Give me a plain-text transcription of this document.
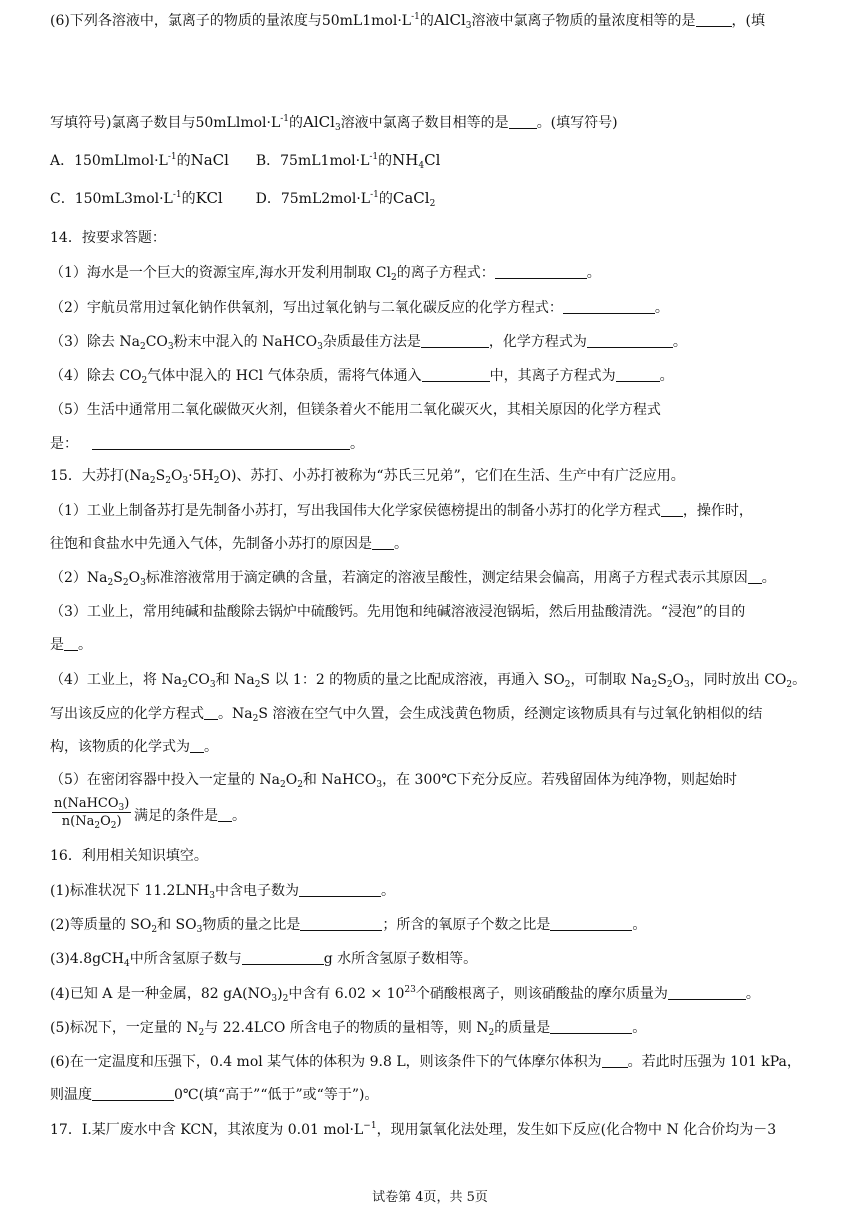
(6)下列各溶液中，氯离子的物质的量浓度与$50mL1mol\cdot L^{-1}$的AlCl$_3$溶液中氯离子物质的量浓度相等的是	，(填
写填符号)氯离子数目与$50mLlmol\cdot L^{-1}$的AlCl$_3$溶液中氯离子数目相等的是 。(填写符号)
A．$150mLlmol\cdot L^{-1}$的NaCl B．$75mL1mol\cdot L^{-1}$的$NH_4Cl$
C．$150mL3mol\cdot L^{-1}$的KCl D．$75mL2mol\cdot L^{-1}$的CaCl$_2$
14．按要求答题：
（1）海水是一个巨大的资源宝库,海水开发利用制取 $Cl_2$的离子方程式：	。
（2）宇航员常用过氧化钠作供氧剂，写出过氧化钠与二氧化碳反应的化学方程式：	。
（3）除去 $Na_2CO_3$粉末中混入的 NaHCO$_3$杂质最佳方法是	，化学方程式为	。
（4）除去 $CO_2$气体中混入的 HCl 气体杂质，需将气体通入	中，其离子方程式为	。
（5）生活中通常用二氧化碳做灭火剂，但镁条着火不能用二氧化碳灭火，其相关原因的化学方程式
是：	。
15．大苏打$(Na_2S_2O_3\cdot 5H_2O)$、苏打、小苏打被称为“苏氏三兄弟”，它们在生活、生产中有广泛应用。
（1）工业上制备苏打是先制备小苏打，写出我国伟大化学家侯德榜提出的制备小苏打的化学方程式 ，操作时，
往饱和食盐水中先通入气体，先制备小苏打的原因是 。
$(2)Na_2S_2O_3$标准溶液常用于滴定碘的含量，若滴定的溶液呈酸性，测定结果会偏高，用离子方程式表示其原因 。
（3）工业上，常用纯碱和盐酸除去锅炉中硫酸钙。先用饱和纯碱溶液浸泡锅垢，然后用盐酸清洗。“浸泡”的目的
是 。
（4）工业上，将 $Na_2CO_3$和 $Na_2S$ 以 1：2 的物质的量之比配成溶液，再通入 $SO_2$，可制取 $Na_2S_2O_3$，同时放出 $CO_2$。
写出该反应的化学方程式 。$Na_2S$ 溶液在空气中久置，会生成浅黄色物质，经测定该物质具有与过氧化钠相似的结
构，该物质的化学式为 。
（5）在密闭容器中投入一定量的 $Na_2O_2$和 NaHCO$_3$，在 300℃下充分反应。若残留固体为纯净物，则起始时
n(NaHCO$_3$)
$n(Na_2O_2)$ 满足的条件是 。
16．利用相关知识填空。
(1)标准状况下 $11.2LNH_3$中含电子数为	。
(2)等质量的 $SO_2$和 $SO_3$物质的量之比是	；所含的氧原子个数之比是	。
(3)4.8gCH$_4$中所含氢原子数与	g 水所含氢原子数相等。
(4)已知 A 是一种金属，82 $gA(NO_3)_2$中含有 $6.02 \times 10^{23}$个硝酸根离子，则该硝酸盐的摩尔质量为	。
(5)标况下，一定量的 $N_2$与 22.4LCO 所含电子的物质的量相等，则 $N_2$的质量是	。
(6)在一定温度和压强下，0.4 mol 某气体的体积为 9.8 L，则该条件下的气体摩尔体积为 。若此时压强为 101 kPa，
则温度	0℃(填“高于”“低于”或“等于”)。
17．Ⅰ.某厂废水中含 KCN，其浓度为 0.01 $mol\cdot L^{-1}$，现用氯氧化法处理，发生如下反应(化合物中 N 化合价均为－3
试卷第 4页，共 5页
